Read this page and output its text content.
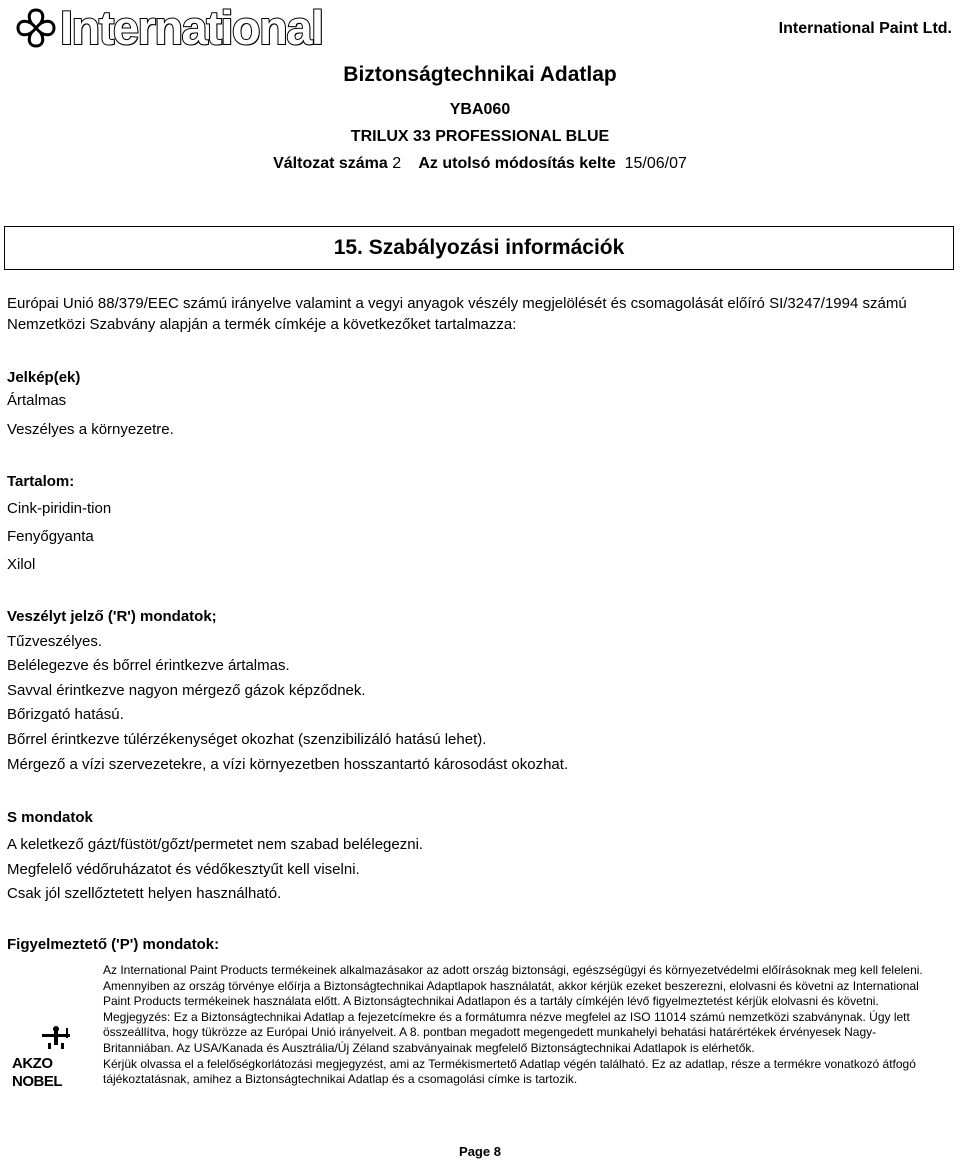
International	International Paint Ltd.
Biztonságtechnikai Adatlap
YBA060
TRILUX 33 PROFESSIONAL BLUE
Változat száma 2 Az utolsó módosítás kelte 15/06/07
15. Szabályozási információk
Európai Unió 88/379/EEC számú irányelve valamint a vegyi anyagok vészély megjelölését és csomagolását előíró SI/3247/1994 számú Nemzetközi Szabvány alapján a termék címkéje a következőket tartalmazza:
Jelkép(ek)
Ártalmas
Veszélyes a környezetre.
Tartalom:
Cink-piridin-tion
Fenyőgyanta
Xilol
Veszélyt jelző ('R') mondatok;
Tűzveszélyes.
Belélegezve és bőrrel érintkezve ártalmas.
Savval érintkezve nagyon mérgező gázok képződnek.
Bőrizgató hatású.
Bőrrel érintkezve túlérzékenységet okozhat (szenzibilizáló hatású lehet).
Mérgező a vízi szervezetekre, a vízi környezetben hosszantartó károsodást okozhat.
S mondatok
A keletkező gázt/füstöt/gőzt/permetet nem szabad belélegezni.
Megfelelő védőruházatot és védőkesztyűt kell viselni.
Csak jól szellőztetett helyen használható.
Figyelmeztető ('P') mondatok:
AKZO NOBEL

Az International Paint Products termékeinek alkalmazásakor az adott ország biztonsági, egészségügyi és környezetvédelmi előírásoknak meg kell feleleni.

Amennyiben az ország törvénye előírja a Biztonságtechnikai Adaptlapok használatát, akkor kérjük ezeket beszerezni, elolvasni és követni az International Paint Products termékeinek használata előtt. A Biztonságtechnikai Adatlapon és a tartály címkéjén lévő figyelmeztetést kérjük elolvasni és követni.

Megjegyzés: Ez a Biztonságtechnikai Adatlap a fejezetcímekre és a formátumra nézve megfelel az ISO 11014 számú nemzetközi szabványnak. Úgy lett összeállítva, hogy tükrözze az Európai Unió irányelveit. A 8. pontban megadott megengedett munkahelyi behatási határértékek érvényesek Nagy-Britanniában. Az USA/Kanada és Ausztrália/Új Zéland szabványainak megfelelő Biztonságtechnikai Adatlapok is elérhetők.

Kérjük olvassa el a felelőségkorlátozási megjegyzést, ami az Termékismertető Adatlap végén található. Ez az adatlap, része a termékre vonatkozó átfogó tájékoztatásnak, amihez a Biztonságtechnikai Adatlap és a csomagolási címke is tartozik.

Page 8
